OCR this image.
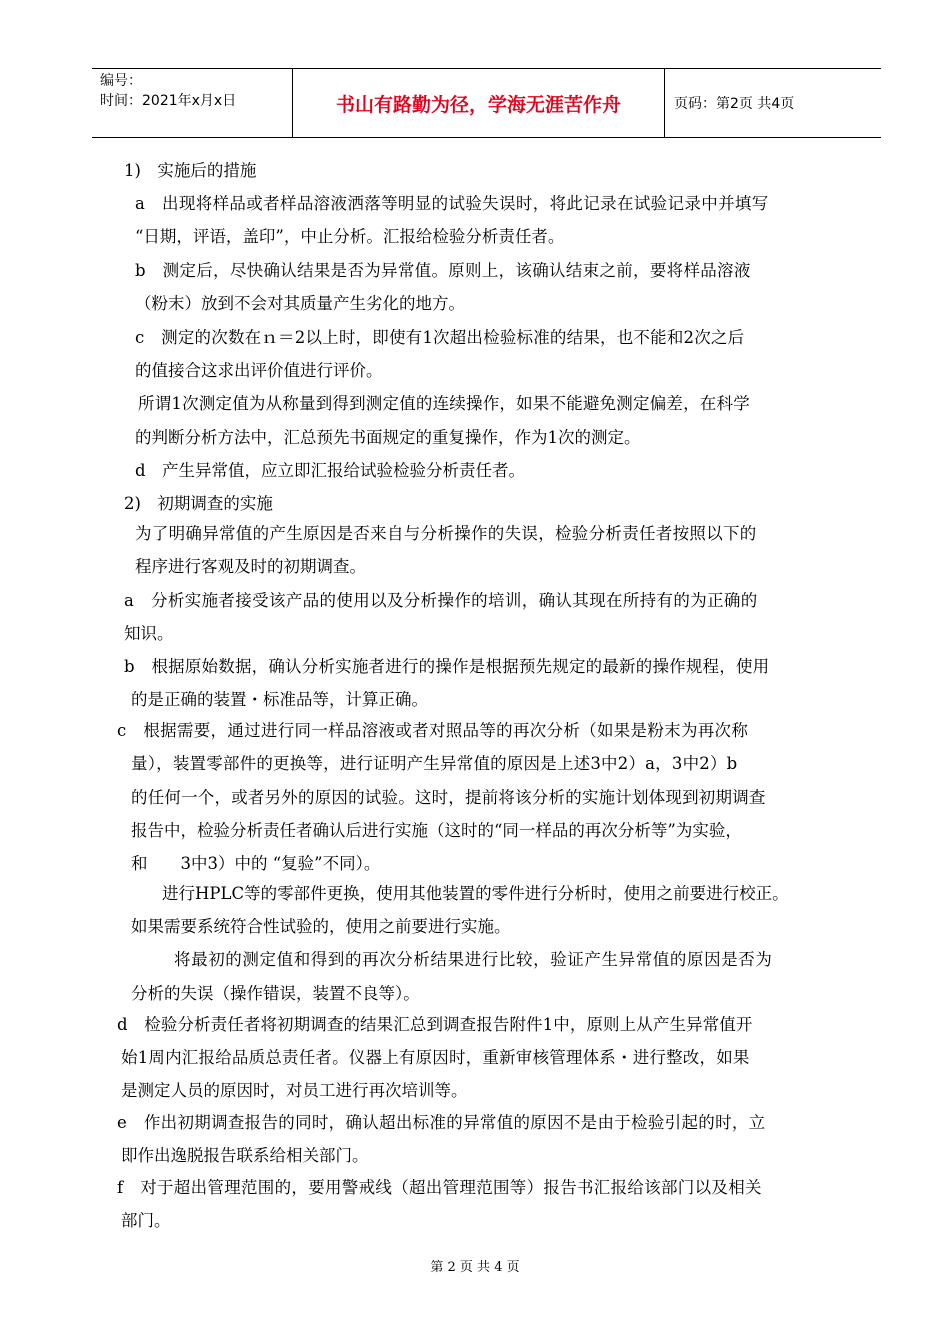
编号：
时间：2021年x月x日	书山有路勤为径，学海无涯苦作舟	页码：第2页 共4页
1)　实施后的措施
a　出现将样品或者样品溶液洒落等明显的试验失误时，将此记录在试验记录中并填写
“日期，评语，盖印”，中止分析。汇报给检验分析责任者。
b　测定后，尽快确认结果是否为异常值。原则上，该确认结束之前，要将样品溶液
（粉末）放到不会对其质量产生劣化的地方。
c　测定的次数在ｎ＝2以上时，即使有1次超出检验标准的结果，也不能和2次之后
的值接合这求出评价值进行评价。
所谓1次测定值为从称量到得到测定值的连续操作，如果不能避免测定偏差，在科学
的判断分析方法中，汇总预先书面规定的重复操作，作为1次的测定。
d　产生异常值，应立即汇报给试验检验分析责任者。
2)　初期调查的实施
为了明确异常值的产生原因是否来自与分析操作的失误，检验分析责任者按照以下的
程序进行客观及时的初期调查。
a　分析实施者接受该产品的使用以及分析操作的培训，确认其现在所持有的为正确的
知识。
b　根据原始数据，确认分析实施者进行的操作是根据预先规定的最新的操作规程，使用
的是正确的装置・标准品等，计算正确。
c　根据需要，通过进行同一样品溶液或者对照品等的再次分析（如果是粉末为再次称
量），装置零部件的更换等，进行证明产生异常值的原因是上述3中2）a，3中2）b
的任何一个，或者另外的原因的试验。这时，提前将该分析的实施计划体现到初期调查
报告中，检验分析责任者确认后进行实施（这时的“同一样品的再次分析等”为实验，
和　　3中3）中的 “复验”不同）。
进行HPLC等的零部件更换，使用其他装置的零件进行分析时，使用之前要进行校正。
如果需要系统符合性试验的，使用之前要进行实施。
将最初的测定值和得到的再次分析结果进行比较，验证产生异常值的原因是否为
分析的失误（操作错误，装置不良等）。
d　检验分析责任者将初期调查的结果汇总到调查报告附件1中，原则上从产生异常值开
始1周内汇报给品质总责任者。仪器上有原因时，重新审核管理体系・进行整改，如果
是测定人员的原因时，对员工进行再次培训等。
e　作出初期调查报告的同时，确认超出标准的异常值的原因不是由于检验引起的时，立
即作出逸脱报告联系给相关部门。
f　对于超出管理范围的，要用警戒线（超出管理范围等）报告书汇报给该部门以及相关
部门。
第 2 页 共 4 页
